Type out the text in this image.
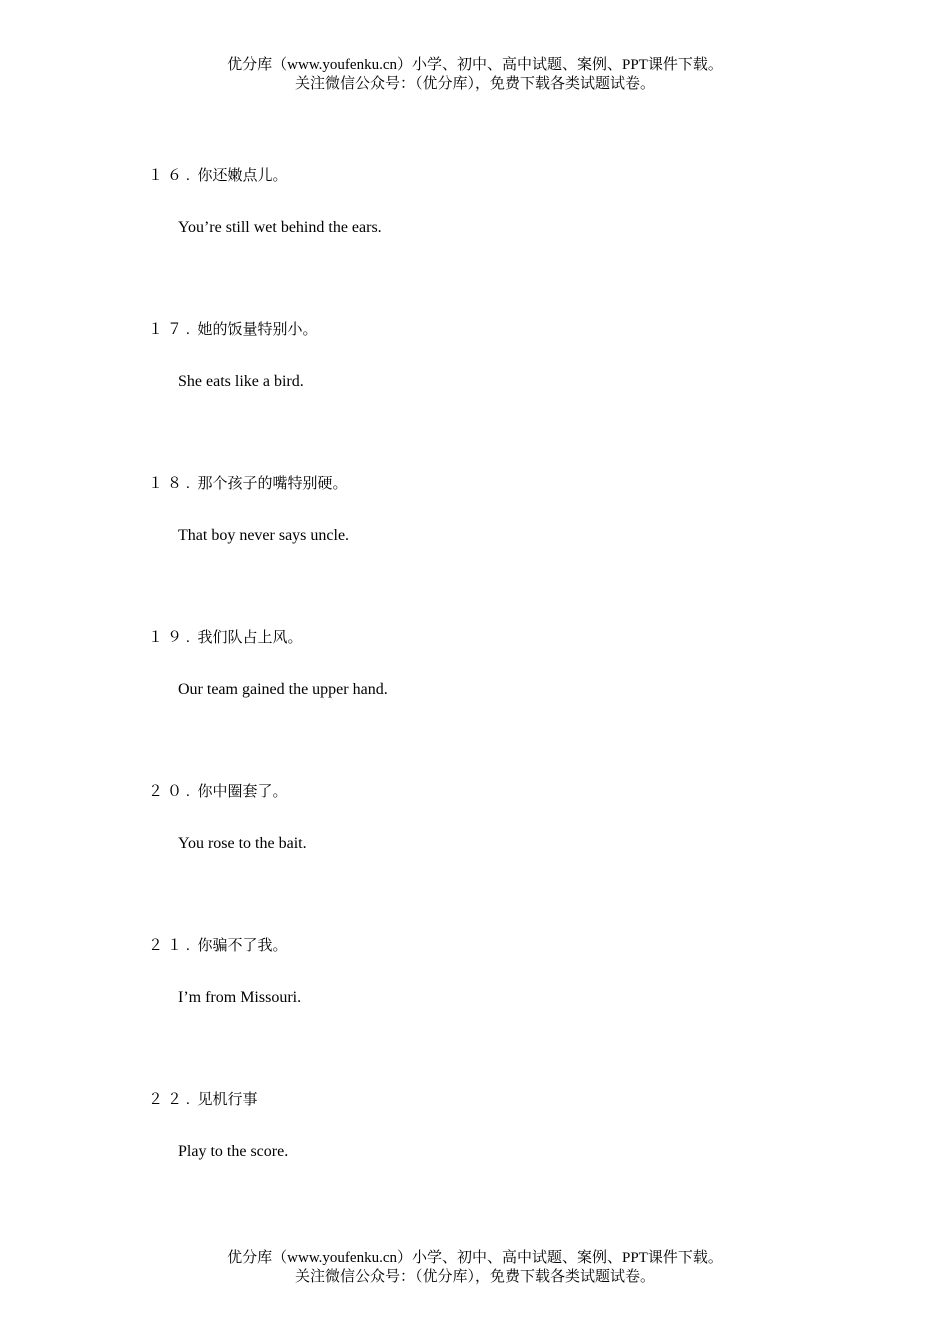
优分库（www.youfenku.cn）小学、初中、高中试题、案例、PPT课件下载。
关注微信公众号：（优分库），免费下载各类试题试卷。
１６. 你还嫩点儿。
You’re still wet behind the ears.
１７. 她的饭量特别小。
She eats like a bird.
１８. 那个孩子的嘴特别硬。
That boy never says uncle.
１９. 我们队占上风。
Our team gained the upper hand.
２０. 你中圈套了。
You rose to the bait.
２１. 你骗不了我。
I’m from Missouri.
２２. 见机行事
Play to the score.
优分库（www.youfenku.cn）小学、初中、高中试题、案例、PPT课件下载。
关注微信公众号：（优分库），免费下载各类试题试卷。
